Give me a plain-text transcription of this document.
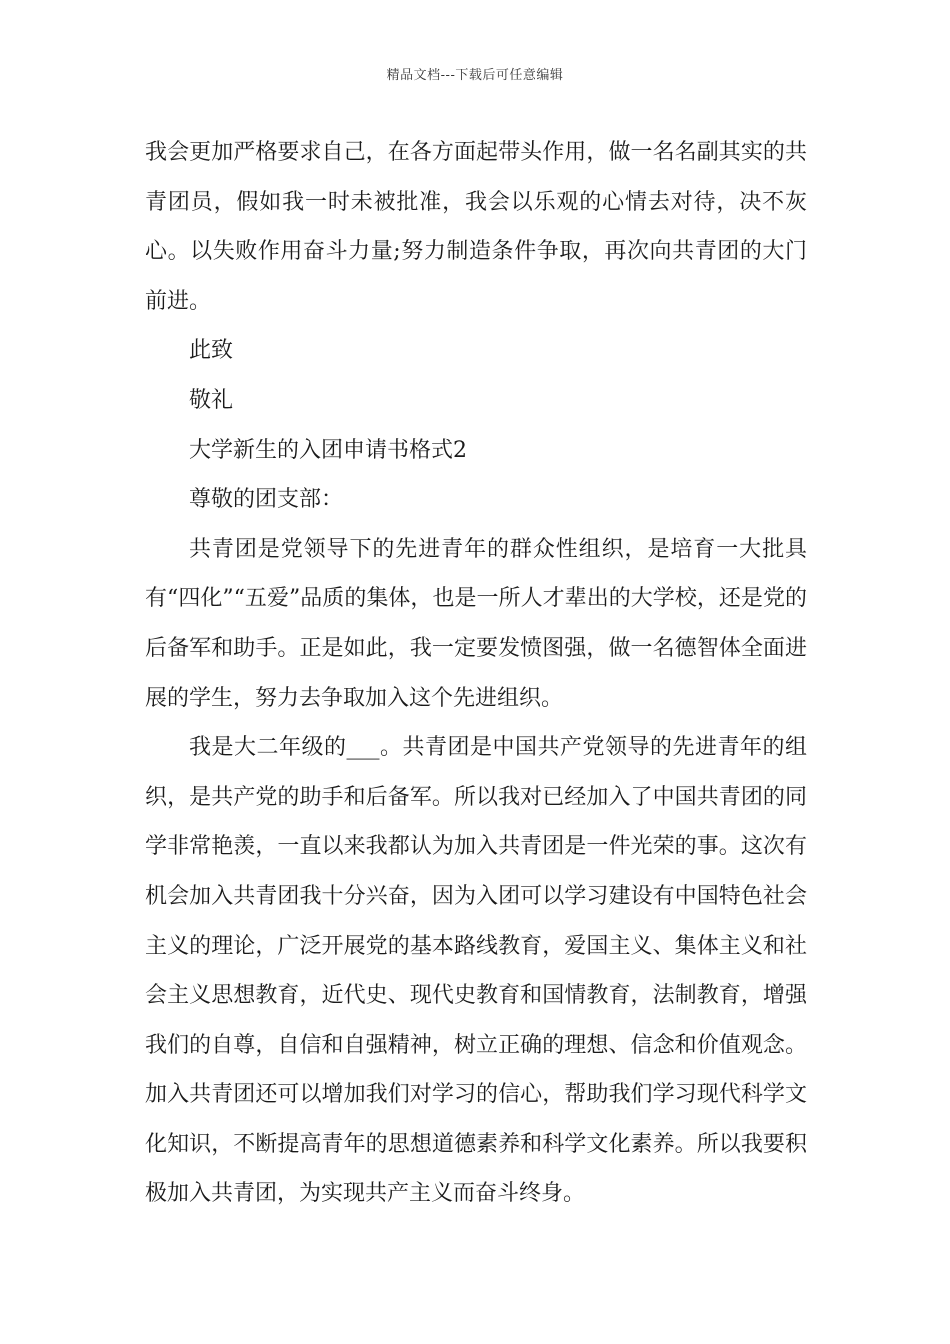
精品文档---下载后可任意编辑

我会更加严格要求自己，在各方面起带头作用，做一名名副其实的共青团员，假如我一时未被批准，我会以乐观的心情去对待，决不灰心。以失败作用奋斗力量;努力制造条件争取，再次向共青团的大门前进。

此致

敬礼

大学新生的入团申请书格式2

尊敬的团支部：

共青团是党领导下的先进青年的群众性组织，是培育一大批具有“四化”“五爱”品质的集体，也是一所人才辈出的大学校，还是党的后备军和助手。正是如此，我一定要发愤图强，做一名德智体全面进展的学生，努力去争取加入这个先进组织。

我是大二年级的___。共青团是中国共产党领导的先进青年的组织，是共产党的助手和后备军。所以我对已经加入了中国共青团的同学非常艳羡，一直以来我都认为加入共青团是一件光荣的事。这次有机会加入共青团我十分兴奋，因为入团可以学习建设有中国特色社会主义的理论，广泛开展党的基本路线教育，爱国主义、集体主义和社会主义思想教育，近代史、现代史教育和国情教育，法制教育，增强我们的自尊，自信和自强精神，树立正确的理想、信念和价值观念。加入共青团还可以增加我们对学习的信心，帮助我们学习现代科学文化知识，不断提高青年的思想道德素养和科学文化素养。所以我要积极加入共青团，为实现共产主义而奋斗终身。
